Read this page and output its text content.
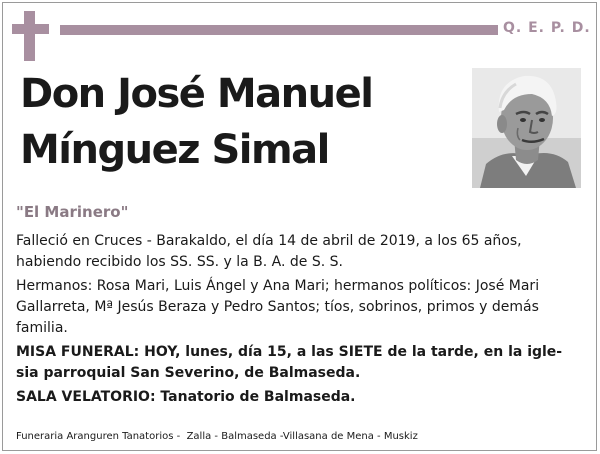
Q. E. P. D.
Don José Manuel
Mínguez Simal
"El Marinero"

Falleció en Cruces - Barakaldo, el día 14 de abril de 2019, a los 65 años,
habiendo recibido los SS. SS. y la B. A. de S. S.

Hermanos: Rosa Mari, Luis Ángel y Ana Mari; hermanos políticos: José Mari
Gallarreta, Mª Jesús Beraza y Pedro Santos; tíos, sobrinos, primos y demás
familia.

MISA FUNERAL: HOY, lunes, día 15, a las SIETE de la tarde, en la igle-
sia parroquial San Severino, de Balmaseda.

SALA VELATORIO: Tanatorio de Balmaseda.

Funeraria Aranguren Tanatorios -  Zalla - Balmaseda -Villasana de Mena - Muskiz
